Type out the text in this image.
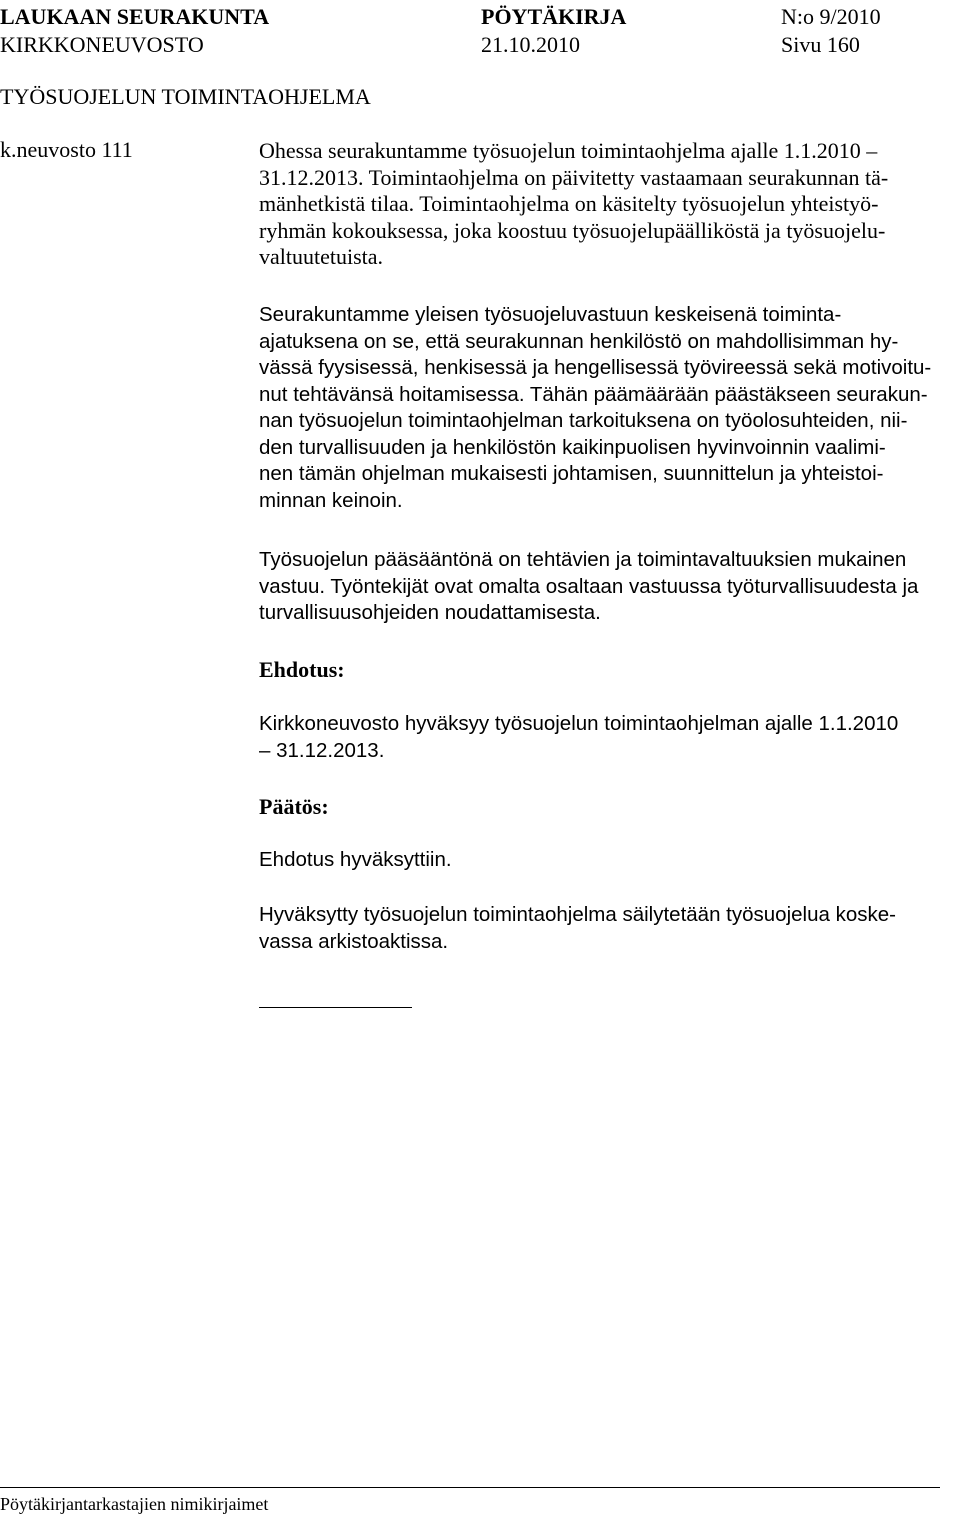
LAUKAAN SEURAKUNTA	PÖYTÄKIRJA	N:o 9/2010
KIRKKONEUVOSTO	21.10.2010	Sivu 160
TYÖSUOJELUN TOIMINTAOHJELMA
k.neuvosto 111	Ohessa seurakuntamme työsuojelun toimintaohjelma ajalle 1.1.2010 –
31.12.2013. Toimintaohjelma on päivitetty vastaamaan seurakunnan tä-
mänhetkistä tilaa. Toimintaohjelma on käsitelty työsuojelun yhteistyö-
ryhmän kokouksessa, joka koostuu työsuojelupäälliköstä ja työsuojelu-
valtuutetuista.
Seurakuntamme yleisen työsuojeluvastuun keskeisenä toiminta-
ajatuksena on se, että seurakunnan henkilöstö on mahdollisimman hy-
vässä fyysisessä, henkisessä ja hengellisessä työvireessä sekä motivoitu-
nut tehtävänsä hoitamisessa. Tähän päämäärään päästäkseen seurakun-
nan työsuojelun toimintaohjelman tarkoituksena on työolosuhteiden, nii-
den turvallisuuden ja henkilöstön kaikinpuolisen hyvinvoinnin vaalimi-
nen tämän ohjelman mukaisesti johtamisen, suunnittelun ja yhteistoi-
minnan keinoin.
Työsuojelun pääsääntönä on tehtävien ja toimintavaltuuksien mukainen
vastuu. Työntekijät ovat omalta osaltaan vastuussa työturvallisuudesta ja
turvallisuusohjeiden noudattamisesta.
Ehdotus:
Kirkkoneuvosto hyväksyy työsuojelun toimintaohjelman ajalle 1.1.2010
– 31.12.2013.
Päätös:
Ehdotus hyväksyttiin.
Hyväksytty työsuojelun toimintaohjelma säilytetään työsuojelua koske-
vassa arkistoaktissa.
Pöytäkirjantarkastajien nimikirjaimet
